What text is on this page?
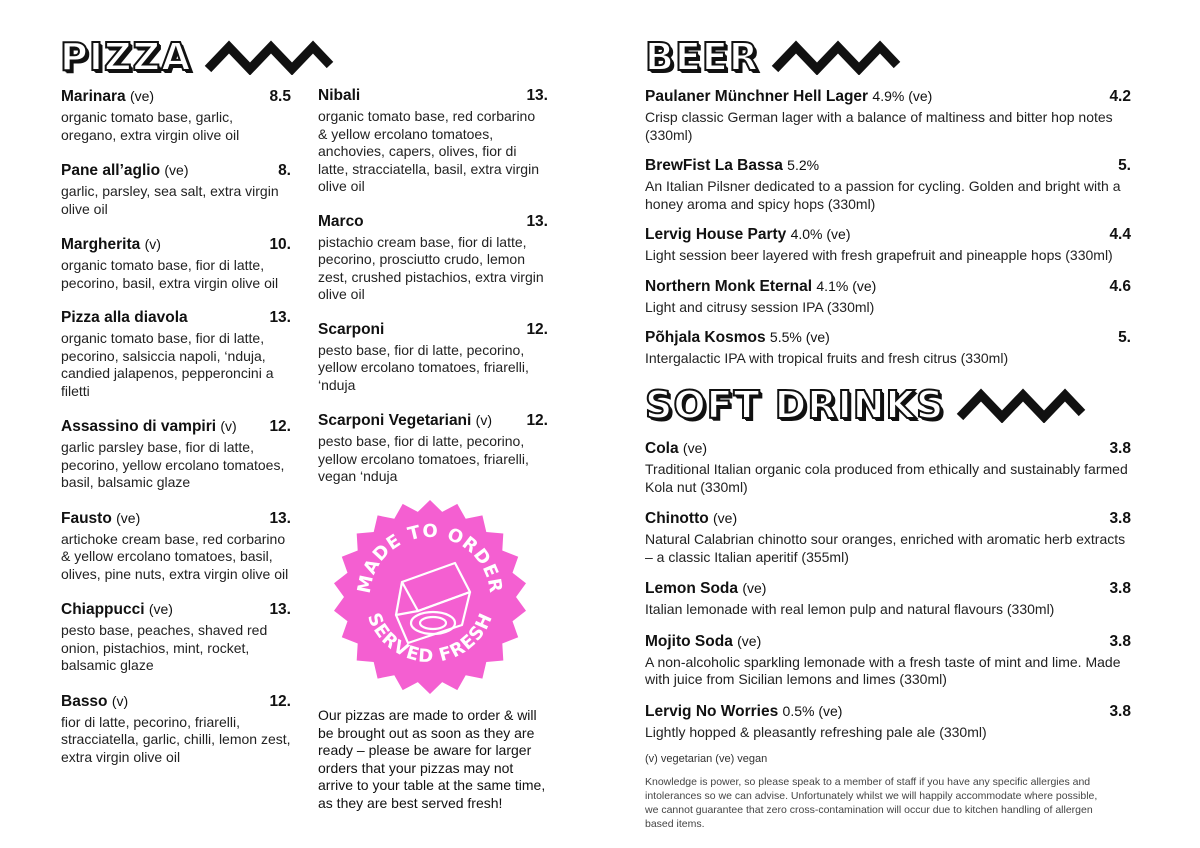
PIZZA
Marinara (ve)	8.5
organic tomato base, garlic, oregano, extra virgin olive oil
Pane all’aglio (ve)	8.
garlic, parsley, sea salt, extra virgin olive oil
Margherita (v)	10.
organic tomato base, fior di latte, pecorino, basil, extra virgin olive oil
Pizza alla diavola	13.
organic tomato base, fior di latte, pecorino, salsiccia napoli, ‘nduja, candied jalapenos, pepperoncini a filetti
Assassino di vampiri (v) 12.
garlic parsley base, fior di latte, pecorino, yellow ercolano tomatoes, basil, balsamic glaze
Fausto (ve)	13.
artichoke cream base, red corbarino & yellow ercolano tomatoes, basil, olives, pine nuts, extra virgin olive oil
Chiappucci (ve)	13.
pesto base, peaches, shaved red onion, pistachios, mint, rocket, balsamic glaze
Basso (v)	12.
fior di latte, pecorino, friarelli, stracciatella, garlic, chilli, lemon zest, extra virgin olive oil
Nibali	13.
organic tomato base, red corbarino & yellow ercolano tomatoes, anchovies, capers, olives, fior di latte, stracciatella, basil, extra virgin olive oil
Marco	13.
pistachio cream base, fior di latte, pecorino, prosciutto crudo, lemon zest, crushed pistachios, extra virgin olive oil
Scarponi	12.
pesto base, fior di latte, pecorino, yellow ercolano tomatoes, friarelli, ‘nduja
Scarponi Vegetariani (v) 12.
pesto base, fior di latte, pecorino, yellow ercolano tomatoes, friarelli, vegan ‘nduja
MADE TO ORDER
SERVED FRESH
Our pizzas are made to order & will be brought out as soon as they are ready – please be aware for larger orders that your pizzas may not arrive to your table at the same time, as they are best served fresh!
BEER
Paulaner Münchner Hell Lager 4.9% (ve)	4.2
Crisp classic German lager with a balance of maltiness and bitter hop notes (330ml)
BrewFist La Bassa 5.2%	5.
An Italian Pilsner dedicated to a passion for cycling. Golden and bright with a honey aroma and spicy hops (330ml)
Lervig House Party 4.0% (ve)	4.4
Light session beer layered with fresh grapefruit and pineapple hops (330ml)
Northern Monk Eternal 4.1% (ve)	4.6
Light and citrusy session IPA (330ml)
Põhjala Kosmos 5.5% (ve)	5.
Intergalactic IPA with tropical fruits and fresh citrus (330ml)
SOFT DRINKS
Cola (ve)	3.8
Traditional Italian organic cola produced from ethically and sustainably farmed Kola nut (330ml)
Chinotto (ve)	3.8
Natural Calabrian chinotto sour oranges, enriched with aromatic herb extracts – a classic Italian aperitif (355ml)
Lemon Soda (ve)	3.8
Italian lemonade with real lemon pulp and natural flavours (330ml)
Mojito Soda (ve)	3.8
A non-alcoholic sparkling lemonade with a fresh taste of mint and lime. Made with juice from Sicilian lemons and limes (330ml)
Lervig No Worries 0.5% (ve)	3.8
Lightly hopped & pleasantly refreshing pale ale (330ml)
(v) vegetarian (ve) vegan
Knowledge is power, so please speak to a member of staff if you have any specific allergies and intolerances so we can advise. Unfortunately whilst we will happily accommodate where possible, we cannot guarantee that zero cross-contamination will occur due to kitchen handling of allergen based items.
